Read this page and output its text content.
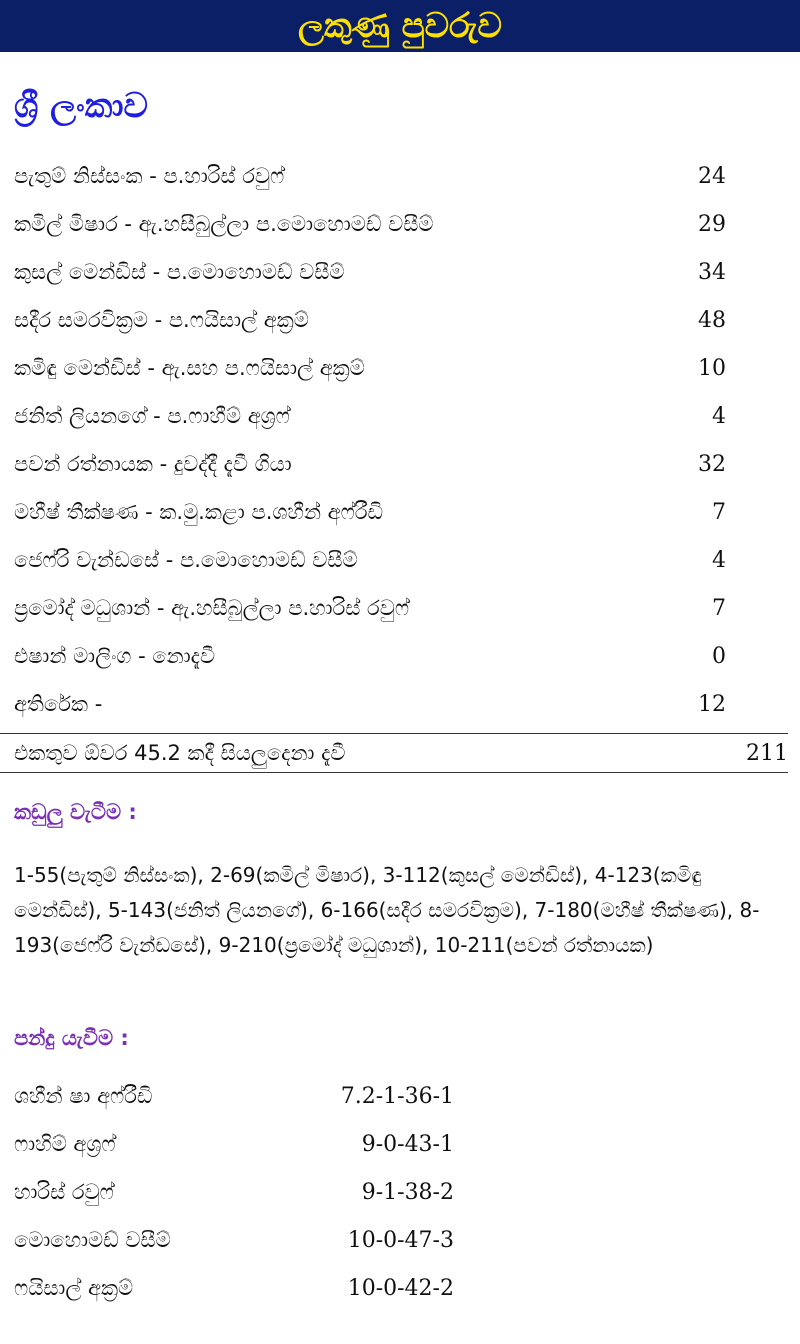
ලකුණු පුවරුව
ශ්‍රී ලංකාව
පැතුම් නිස්සංක - ප.හාරිස් රවුෆ්	24
කමිල් මිෂාර - ඇ.හසීබුල්ලා ප.මොහොමඩ් වසීම්	29
කුසල් මෙන්ඩිස් - ප.මොහොමඩ් වසීම්	34
සදීර සමරවික්‍රම - ප.ෆයිසාල් අක්‍රම්	48
කමිඳු මෙන්ඩිස් - ඇ.සහ ප.ෆයිසාල් අක්‍රම්	10
ජනිත් ලියනගේ - ප.ෆාහීම් අශ්‍රෆ්	4
පවන් රත්නායක - දුවද්දී දැවී ගියා	32
මහීෂ් තීක්ෂණ - ක.මු.කළා ප.ශහීන් අෆ්රීඩි	7
ජෙෆ්රි වැන්ඩසේ - ප.මොහොමඩ් වසීම්	4
ප්‍රමෝද් මධුශාන් - ඇ.හසීබුල්ලා ප.හාරිස් රවුෆ්	7
එෂාන් මාලිංග - නොදැවී	0
අතිරේක -	12
එකතුව ඕවර 45.2 කදී සියලුදෙනා දැවී	211
කඩුලු වැටීම :
1-55(පැතුම් නිස්සංක), 2-69(කමිල් මිෂාර), 3-112(කුසල් මෙන්ඩිස්), 4-123(කමිඳු මෙන්ඩිස්), 5-143(ජනිත් ලියනගේ), 6-166(සදීර සමරවික්‍රම), 7-180(මහීෂ් තීක්ෂණ), 8-193(ජෙෆ්රි වැන්ඩසේ), 9-210(ප්‍රමෝද් මධුශාන්), 10-211(පවන් රත්නායක)
පන්දු යැවීම :
ශහීන් ෂා අෆ්රීඩි	7.2-1-36-1
ෆාහිම් අශ්‍රෆ්	9-0-43-1
හාරිස් රවුෆ්	9-1-38-2
මොහොමඩ් වසීම්	10-0-47-3
ෆයිසාල් අක්‍රම්	10-0-42-2
